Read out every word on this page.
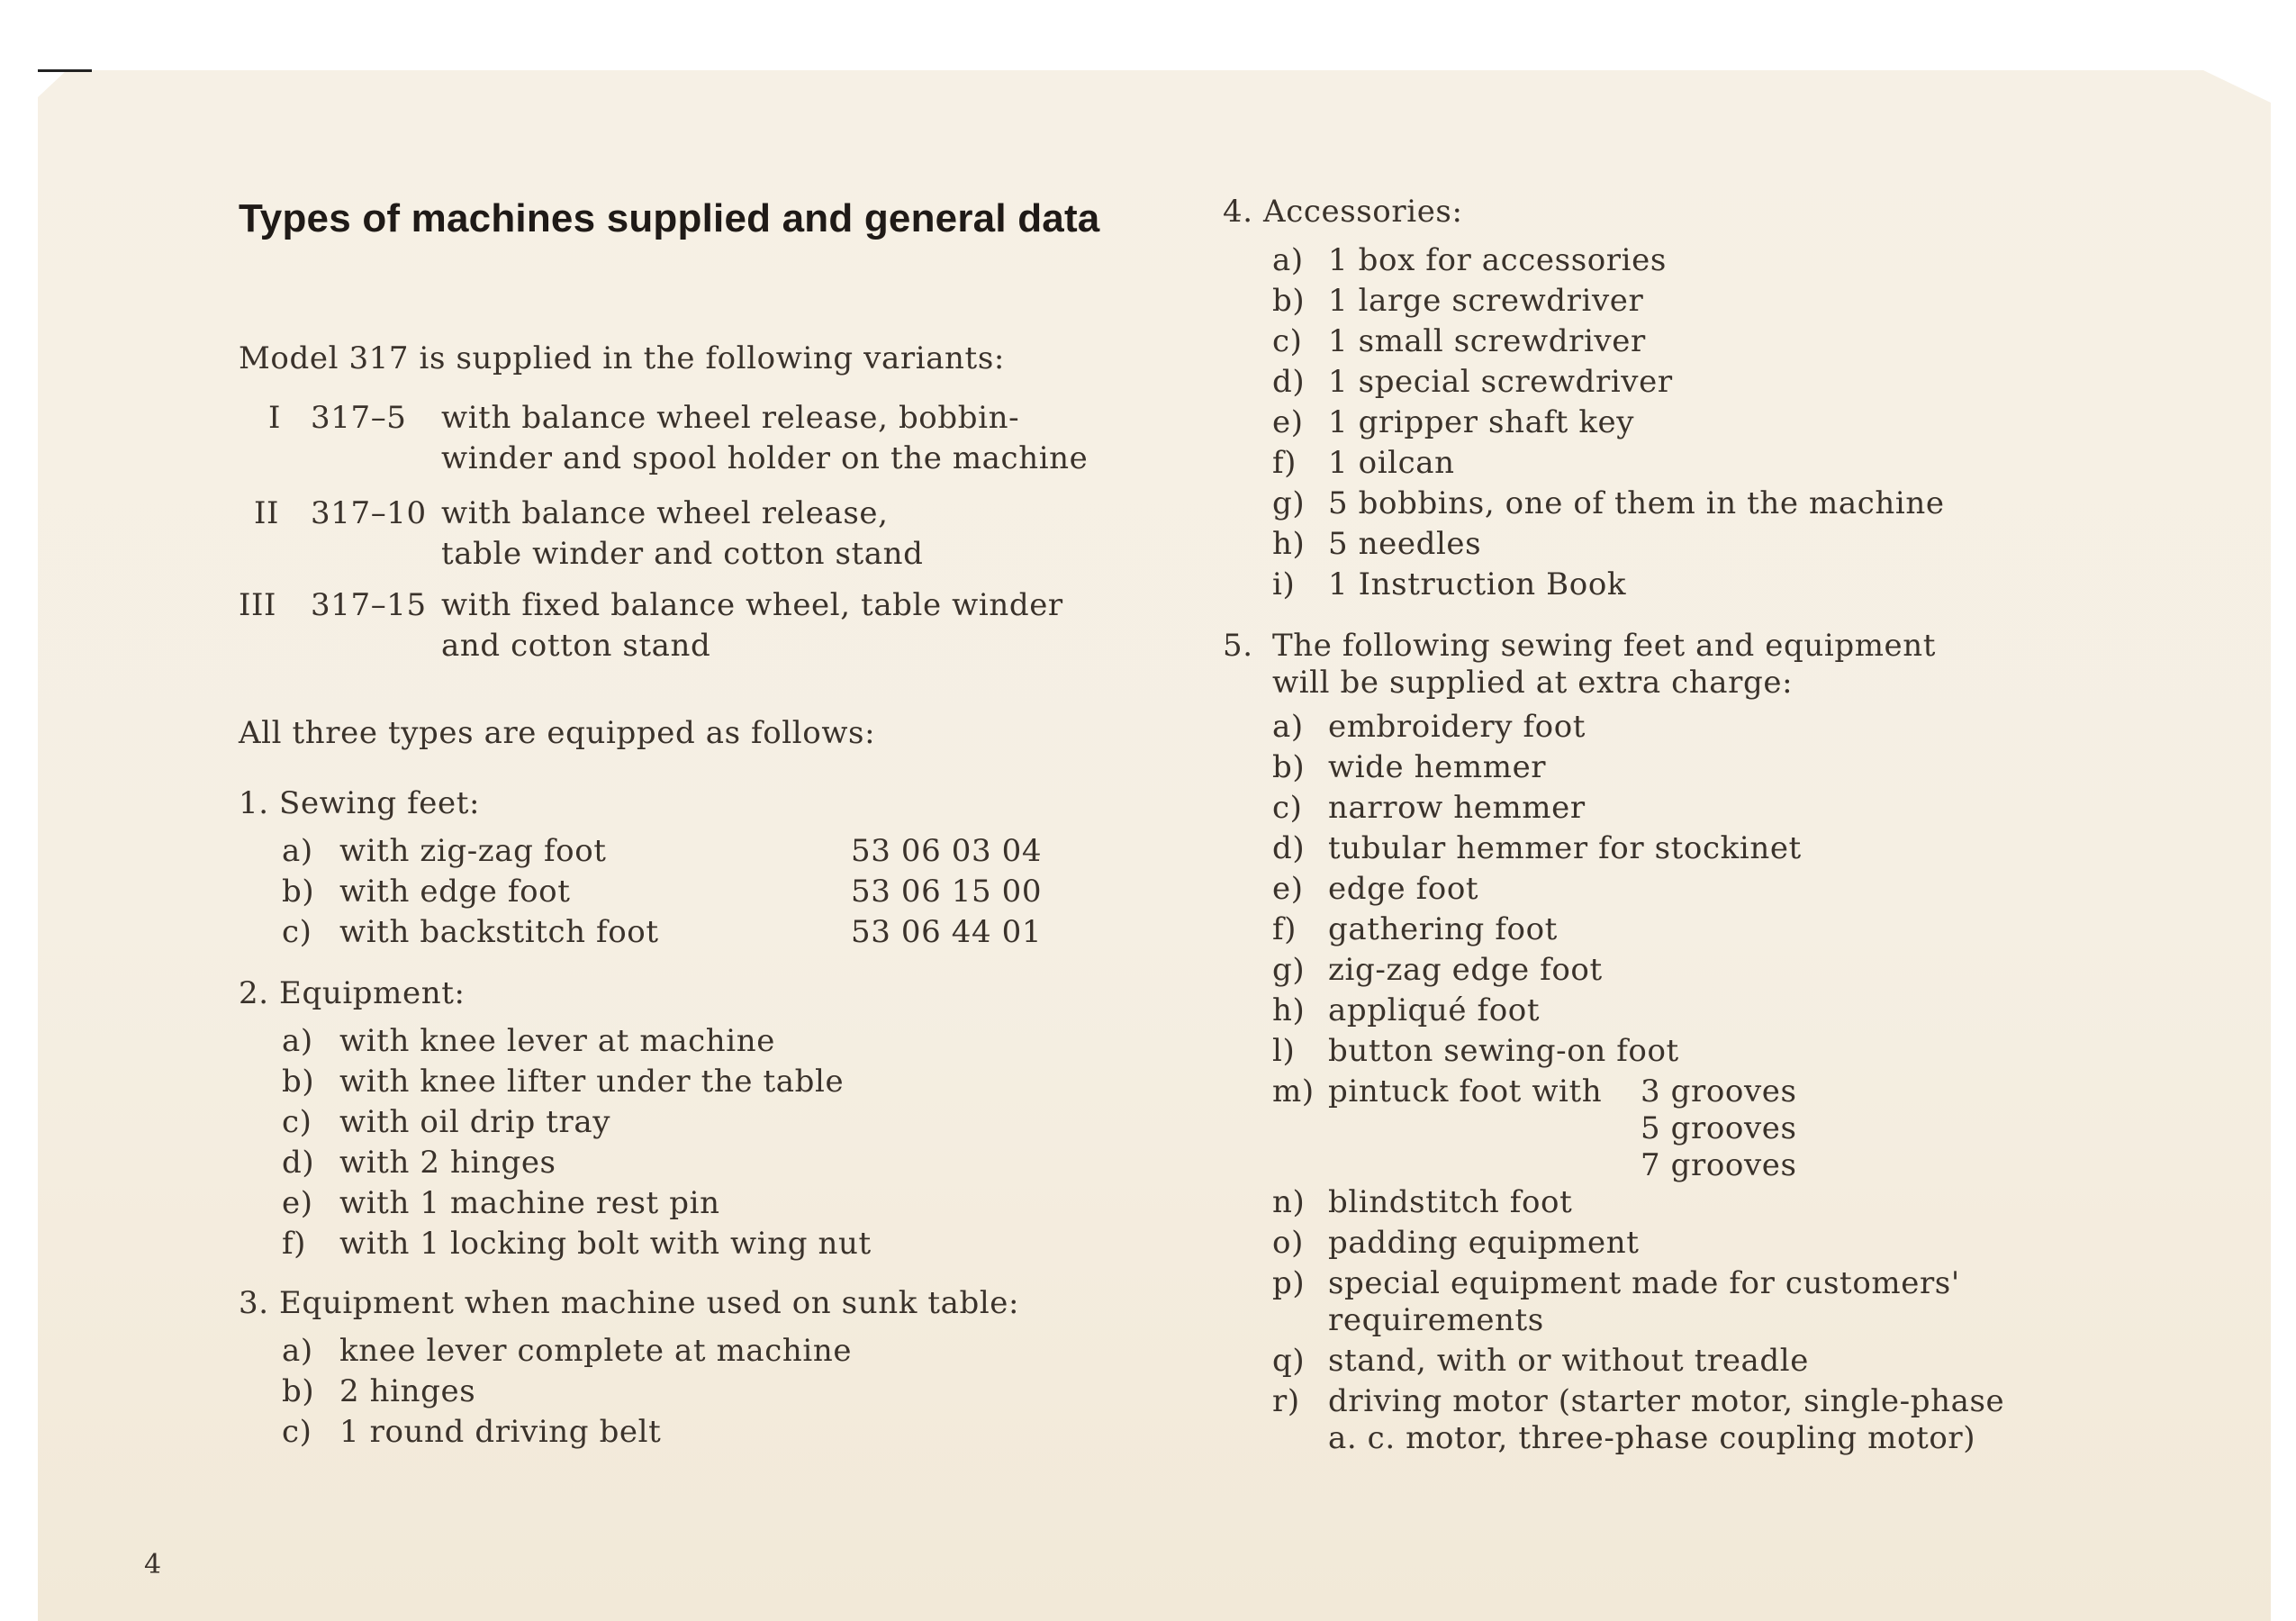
Types of machines supplied and general data
Model 317 is supplied in the following variants:
I 317–5 with balance wheel release, bobbin-
winder and spool holder on the machine
II 317–10 with balance wheel release,
table winder and cotton stand
III 317–15 with fixed balance wheel, table winder
and cotton stand
All three types are equipped as follows:
1. Sewing feet:
a) with zig-zag foot	53 06 03 04
b) with edge foot	53 06 15 00
c) with backstitch foot	53 06 44 01
2. Equipment:
a) with knee lever at machine
b) with knee lifter under the table
c) with oil drip tray
d) with 2 hinges
e) with 1 machine rest pin
f) with 1 locking bolt with wing nut
3. Equipment when machine used on sunk table:
a) knee lever complete at machine
b) 2 hinges
c) 1 round driving belt
4. Accessories:
a) 1 box for accessories
b) 1 large screwdriver
c) 1 small screwdriver
d) 1 special screwdriver
e) 1 gripper shaft key
f) 1 oilcan
g) 5 bobbins, one of them in the machine
h) 5 needles
i) 1 Instruction Book
5. The following sewing feet and equipment
will be supplied at extra charge:
a) embroidery foot
b) wide hemmer
c) narrow hemmer
d) tubular hemmer for stockinet
e) edge foot
f) gathering foot
g) zig-zag edge foot
h) appliqué foot
l) button sewing-on foot
m) pintuck foot with 3 grooves
5 grooves
7 grooves
n) blindstitch foot
o) padding equipment
p) special equipment made for customers'
requirements
q) stand, with or without treadle
r) driving motor (starter motor, single-phase
a. c. motor, three-phase coupling motor)
4
